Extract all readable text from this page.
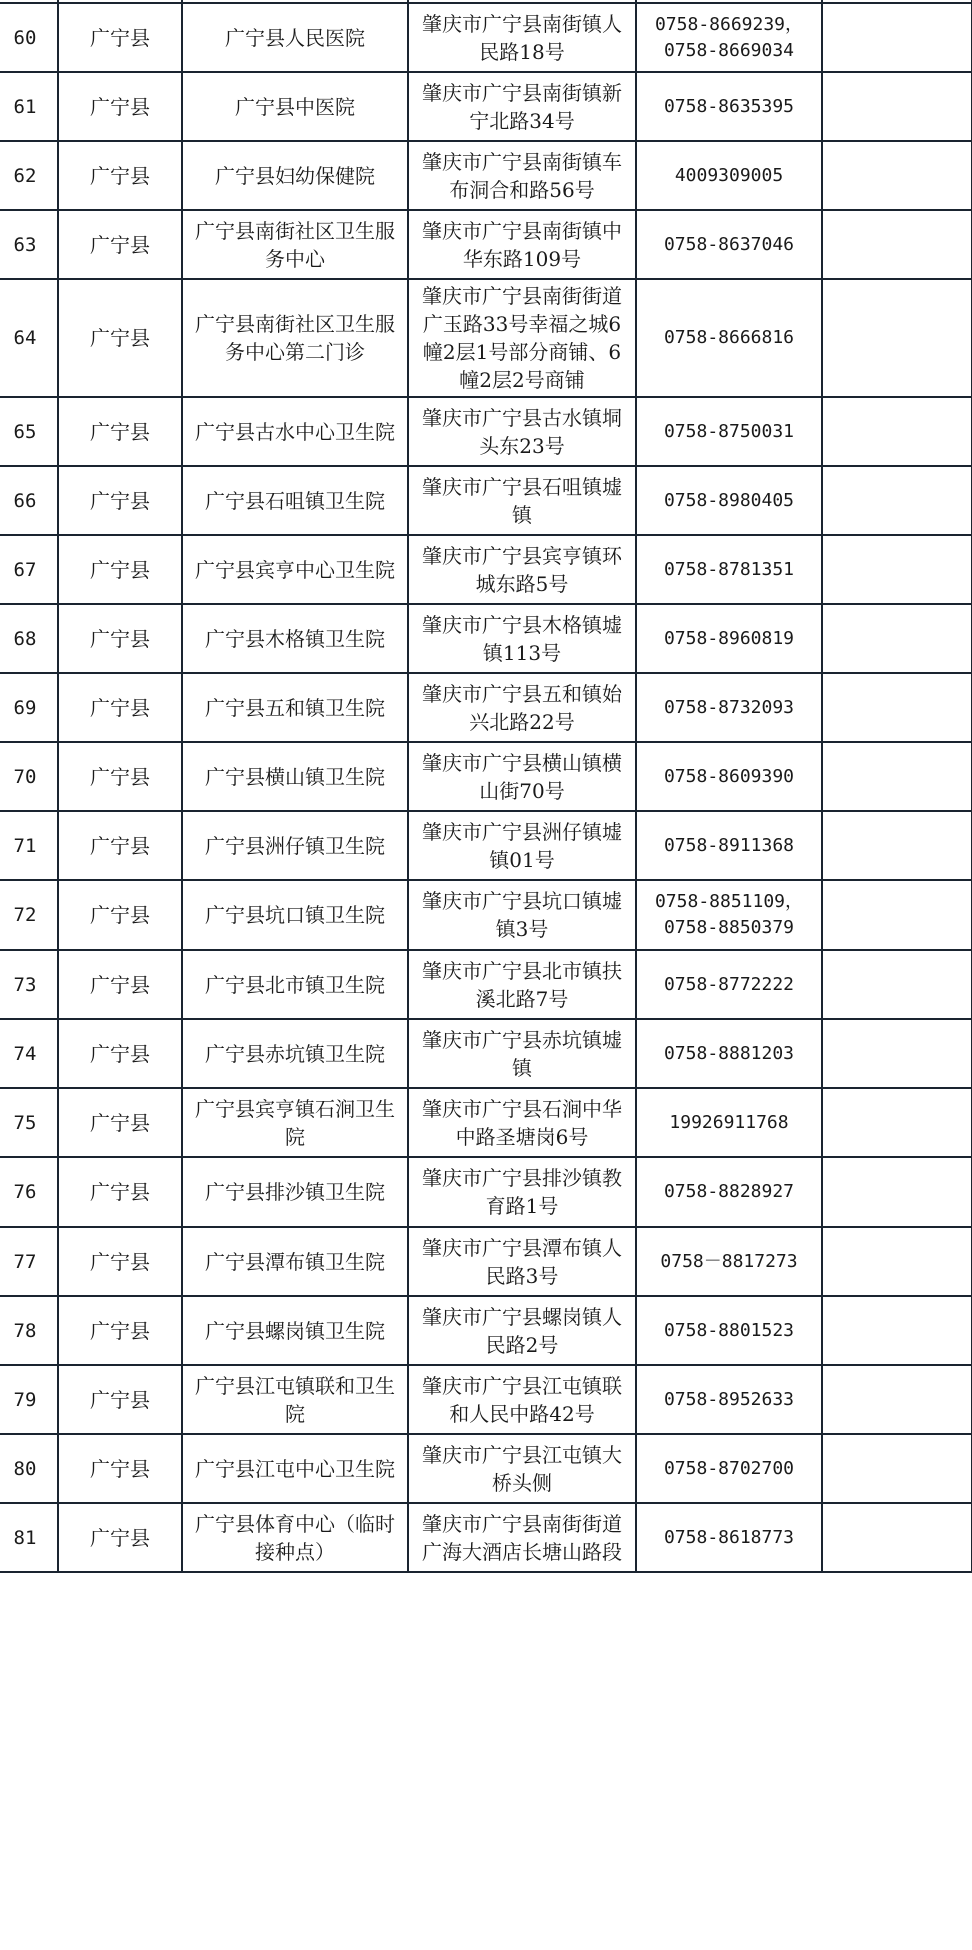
60	广宁县	广宁县人民医院	肇庆市广宁县南街镇人民路18号	0758-8669239，0758-8669034	
61	广宁县	广宁县中医院	肇庆市广宁县南街镇新宁北路34号	0758-8635395	
62	广宁县	广宁县妇幼保健院	肇庆市广宁县南街镇车布洞合和路56号	4009309005	
63	广宁县	广宁县南街社区卫生服务中心	肇庆市广宁县南街镇中华东路109号	0758-8637046	
64	广宁县	广宁县南街社区卫生服务中心第二门诊	肇庆市广宁县南街街道广玉路33号幸福之城6幢2层1号部分商铺、6幢2层2号商铺	0758-8666816	
65	广宁县	广宁县古水中心卫生院	肇庆市广宁县古水镇垌头东23号	0758-8750031	
66	广宁县	广宁县石咀镇卫生院	肇庆市广宁县石咀镇墟镇	0758-8980405	
67	广宁县	广宁县宾亨中心卫生院	肇庆市广宁县宾亨镇环城东路5号	0758-8781351	
68	广宁县	广宁县木格镇卫生院	肇庆市广宁县木格镇墟镇113号	0758-8960819	
69	广宁县	广宁县五和镇卫生院	肇庆市广宁县五和镇始兴北路22号	0758-8732093	
70	广宁县	广宁县横山镇卫生院	肇庆市广宁县横山镇横山街70号	0758-8609390	
71	广宁县	广宁县洲仔镇卫生院	肇庆市广宁县洲仔镇墟镇01号	0758-8911368	
72	广宁县	广宁县坑口镇卫生院	肇庆市广宁县坑口镇墟镇3号	0758-8851109，0758-8850379	
73	广宁县	广宁县北市镇卫生院	肇庆市广宁县北市镇扶溪北路7号	0758-8772222	
74	广宁县	广宁县赤坑镇卫生院	肇庆市广宁县赤坑镇墟镇	0758-8881203	
75	广宁县	广宁县宾亨镇石涧卫生院	肇庆市广宁县石涧中华中路圣塘岗6号	19926911768	
76	广宁县	广宁县排沙镇卫生院	肇庆市广宁县排沙镇教育路1号	0758-8828927	
77	广宁县	广宁县潭布镇卫生院	肇庆市广宁县潭布镇人民路3号	0758－8817273	
78	广宁县	广宁县螺岗镇卫生院	肇庆市广宁县螺岗镇人民路2号	0758-8801523	
79	广宁县	广宁县江屯镇联和卫生院	肇庆市广宁县江屯镇联和人民中路42号	0758-8952633	
80	广宁县	广宁县江屯中心卫生院	肇庆市广宁县江屯镇大桥头侧	0758-8702700	
81	广宁县	广宁县体育中心（临时接种点）	肇庆市广宁县南街街道广海大酒店长塘山路段	0758-8618773	
